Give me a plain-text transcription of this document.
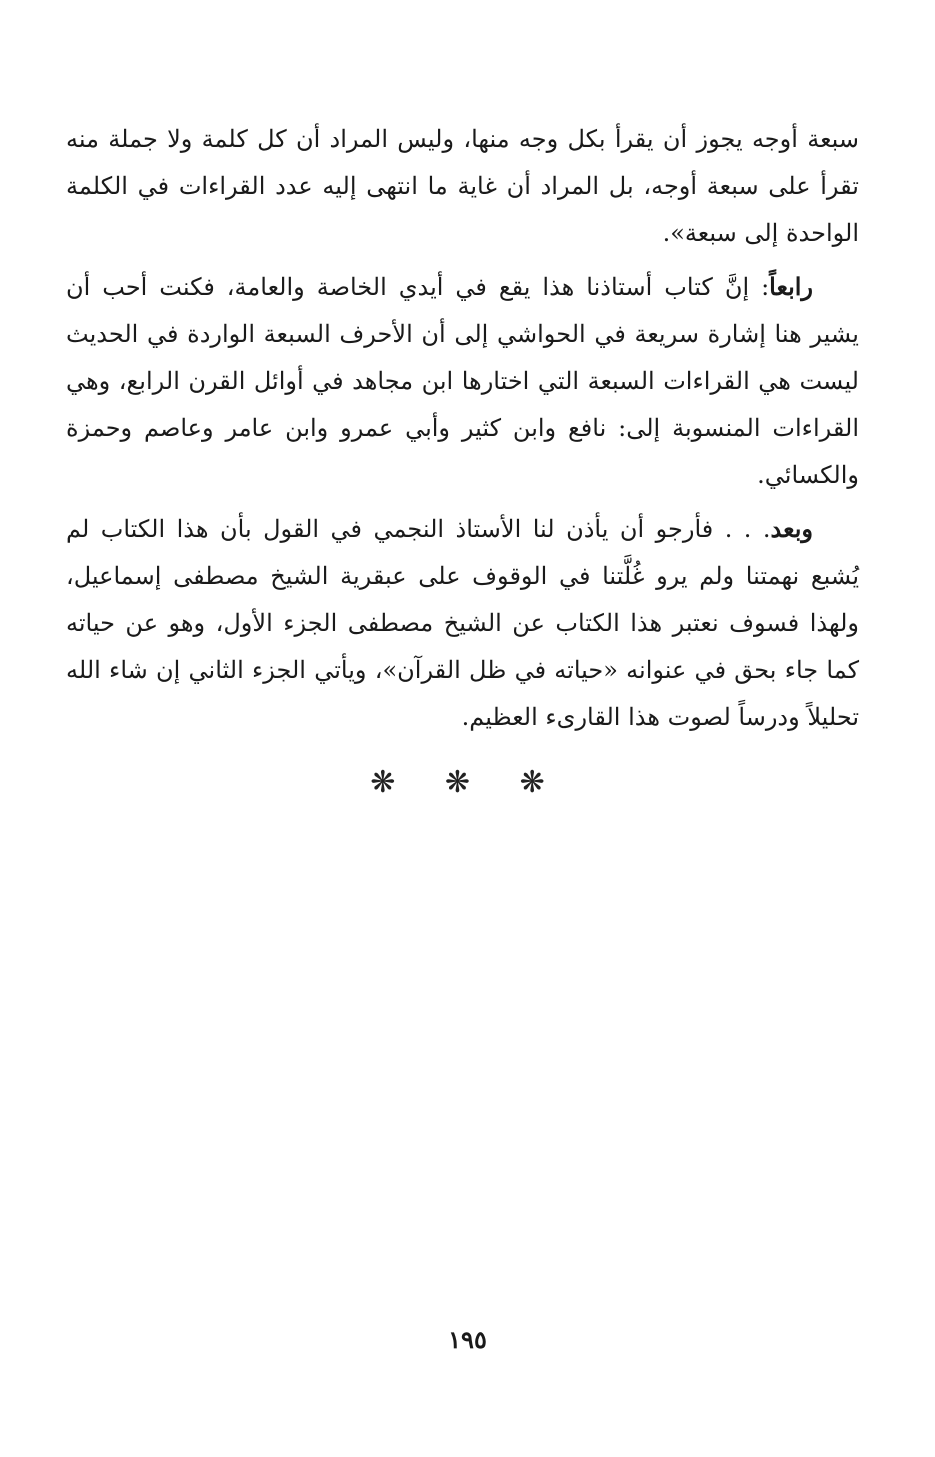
سبعة أوجه يجوز أن يقرأ بكل وجه منها، وليس المراد أن كل كلمة ولا جملة منه تقرأ على سبعة أوجه، بل المراد أن غاية ما انتهى إليه عدد القراءات في الكلمة الواحدة إلى سبعة».

رابعاً: إنَّ كتاب أستاذنا هذا يقع في أيدي الخاصة والعامة، فكنت أحب أن يشير هنا إشارة سريعة في الحواشي إلى أن الأحرف السبعة الواردة في الحديث ليست هي القراءات السبعة التي اختارها ابن مجاهد في أوائل القرن الرابع، وهي القراءات المنسوبة إلى: نافع وابن كثير وأبي عمرو وابن عامر وعاصم وحمزة والكسائي.

وبعد. . . فأرجو أن يأذن لنا الأستاذ النجمي في القول بأن هذا الكتاب لم يُشبع نهمتنا ولم يرو غُلَّتنا في الوقوف على عبقرية الشيخ مصطفى إسماعيل، ولهذا فسوف نعتبر هذا الكتاب عن الشيخ مصطفى الجزء الأول، وهو عن حياته كما جاء بحق في عنوانه «حياته في ظل القرآن»، ويأتي الجزء الثاني إن شاء الله تحليلاً ودرساً لصوت هذا القارىء العظيم.

❋ ❋ ❋
١٩٥
